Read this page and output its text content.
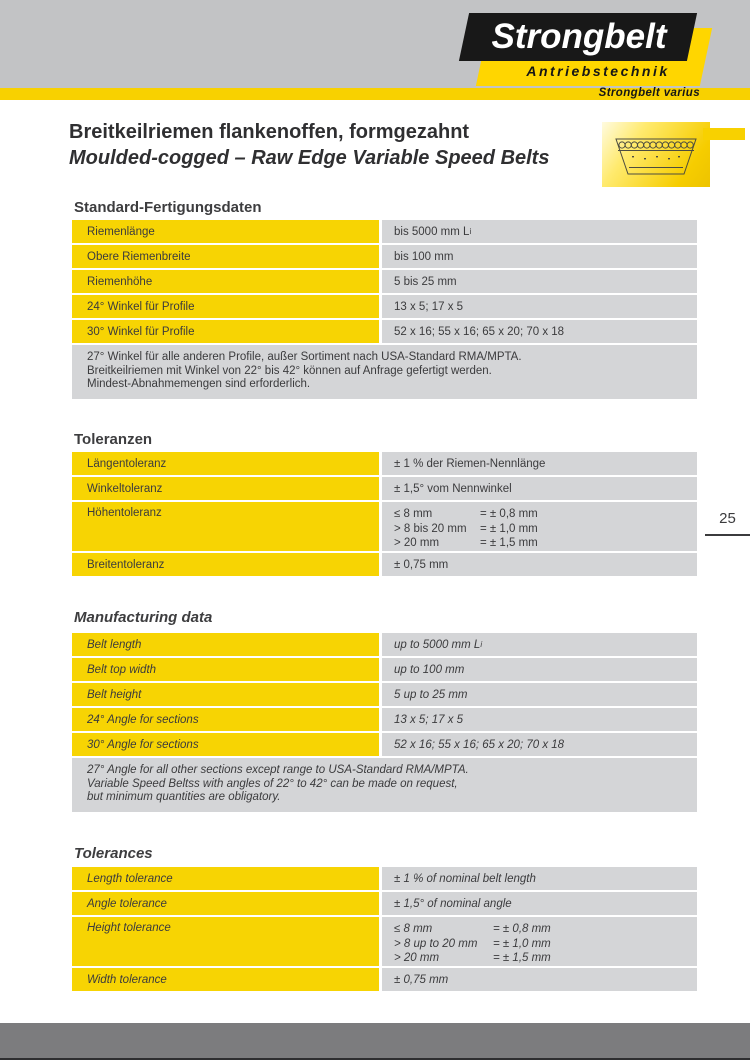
Strongbelt
Antriebstechnik
Strongbelt varius

Breitkeilriemen flankenoffen, formgezahnt

Moulded-cogged – Raw Edge Variable Speed Belts

Standard-Fertigungsdaten
Riemenlänge	bis 5000 mm L i
Obere Riemenbreite	bis 100 mm
Riemenhöhe	5 bis 25 mm
24° Winkel für Profile	13 x 5; 17 x 5
30° Winkel für Profile	52 x 16; 55 x 16; 65 x 20; 70 x 18
27° Winkel für alle anderen Profile, außer Sortiment nach USA-Standard RMA/MPTA.
Breitkeilriemen mit Winkel von 22° bis 42° können auf Anfrage gefertigt werden.
Mindest-Abnahmemengen sind erforderlich.
Toleranzen
Längentoleranz	± 1 % der Riemen-Nennlänge
Winkeltoleranz	± 1,5° vom Nennwinkel
Höhentoleranz	≤ 8 mm	= ± 0,8 mm
> 8 bis 20 mm = ± 1,0 mm
> 20 mm	= ± 1,5 mm
Breitentoleranz	± 0,75 mm
Manufacturing data
Belt length	up to 5000 mm L i
Belt top width	up to 100 mm
Belt height	5 up to 25 mm
24° Angle for sections	13 x 5; 17 x 5
30° Angle for sections	52 x 16; 55 x 16; 65 x 20; 70 x 18
27° Angle for all other sections except range to USA-Standard RMA/MPTA.
Variable Speed Beltss with angles of 22° to 42° can be made on request,
but minimum quantities are obligatory.
Tolerances
Length tolerance	± 1 % of nominal belt length
Angle tolerance	± 1,5° of nominal angle
Height tolerance	≤ 8 mm	= ± 0,8 mm
> 8 up to 20 mm = ± 1,0 mm
> 20 mm	= ± 1,5 mm
Width tolerance	± 0,75 mm
25
